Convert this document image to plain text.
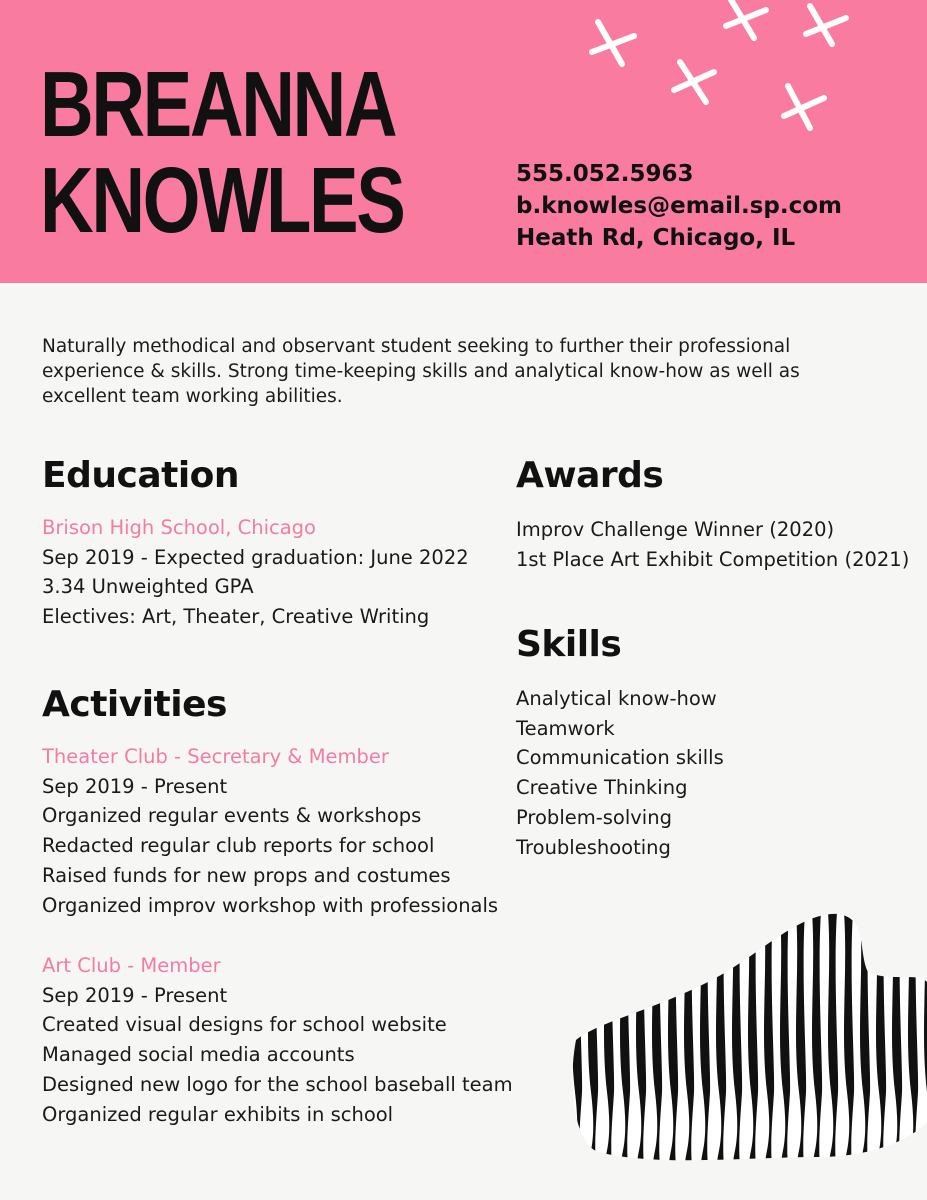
BREANNA
KNOWLES	555.052.5963
b.knowles@email.sp.com
Heath Rd, Chicago, IL

Naturally methodical and observant student seeking to further their professional experience & skills. Strong time-keeping skills and analytical know-how as well as excellent team working abilities.

Education
Brison High School, Chicago
Sep 2019 - Expected graduation: June 2022
3.34 Unweighted GPA
Electives: Art, Theater, Creative Writing
Activities
Theater Club - Secretary & Member
Sep 2019 - Present
Organized regular events & workshops
Redacted regular club reports for school
Raised funds for new props and costumes
Organized improv workshop with professionals
Art Club - Member
Sep 2019 - Present
Created visual designs for school website
Managed social media accounts
Designed new logo for the school baseball team
Organized regular exhibits in school
Awards
Improv Challenge Winner (2020)
1st Place Art Exhibit Competition (2021)
Skills
Analytical know-how
Teamwork
Communication skills
Creative Thinking
Problem-solving
Troubleshooting
